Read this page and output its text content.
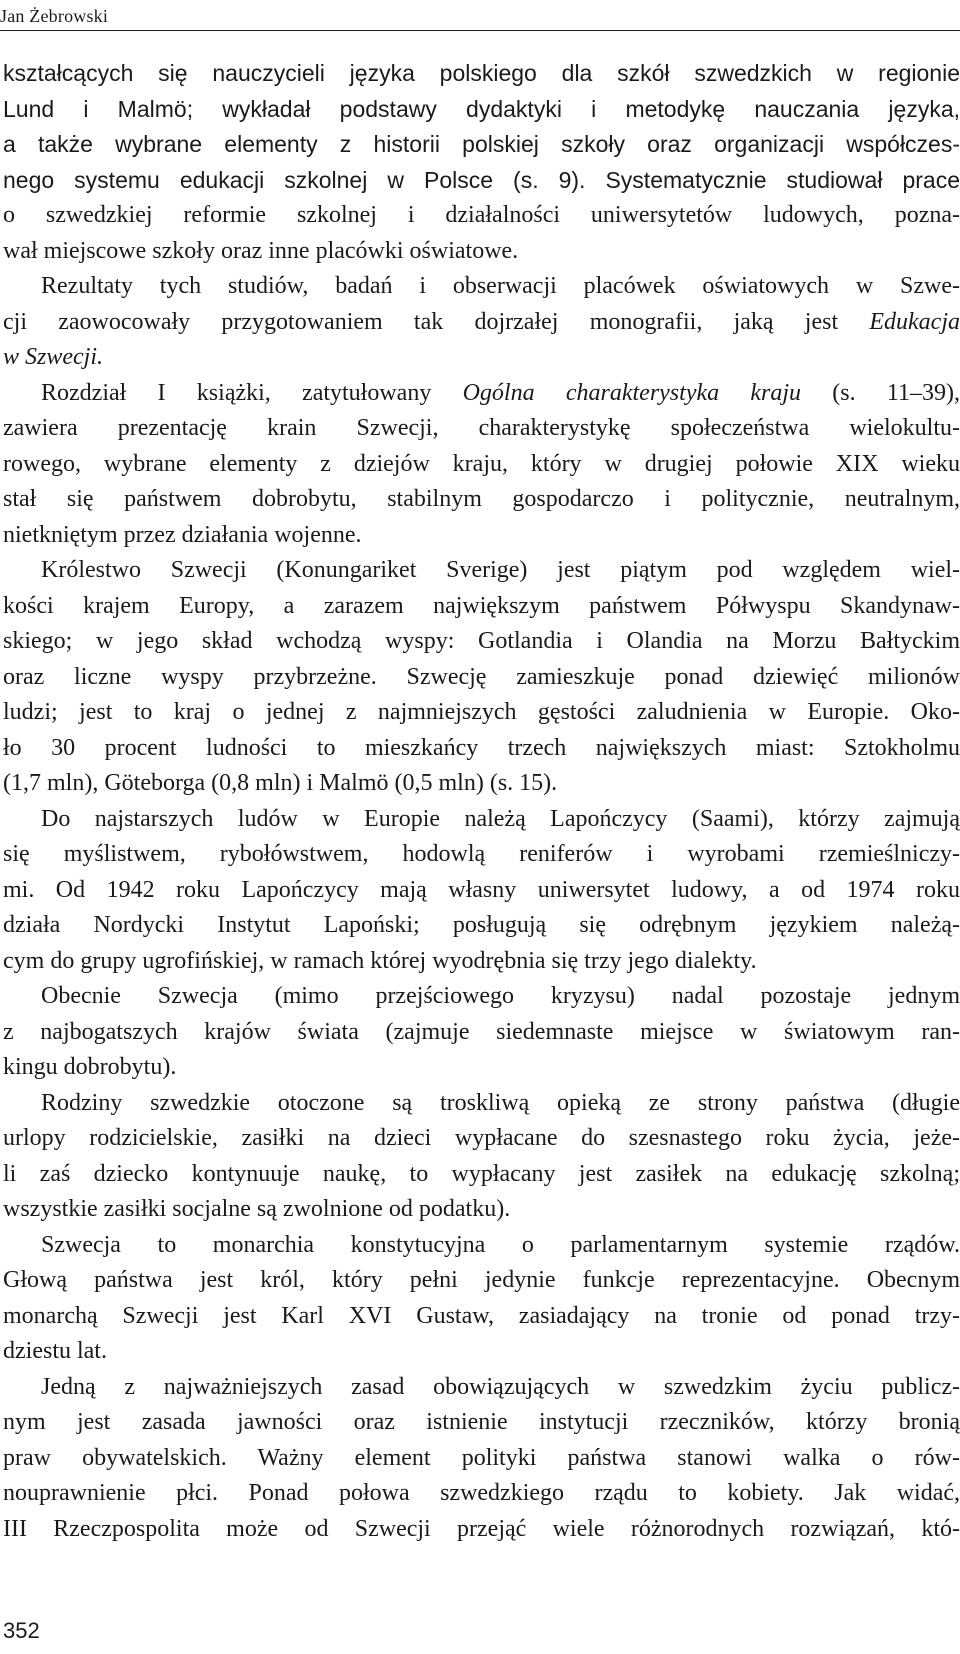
Jan Żebrowski
kształcących się nauczycieli języka polskiego dla szkół szwedzkich w regionie
Lund i Malmö; wykładał podstawy dydaktyki i metodykę nauczania języka,
a także wybrane elementy z historii polskiej szkoły oraz organizacji współczes-
nego systemu edukacji szkolnej w Polsce (s. 9). Systematycznie studiował prace
o szwedzkiej reformie szkolnej i działalności uniwersytetów ludowych, pozna-
wał miejscowe szkoły oraz inne placówki oświatowe.
Rezultaty tych studiów, badań i obserwacji placówek oświatowych w Szwe-
cji zaowocowały przygotowaniem tak dojrzałej monografii, jaką jest Edukacja
w Szwecji.
Rozdział I książki, zatytułowany Ogólna charakterystyka kraju (s. 11–39),
zawiera prezentację krain Szwecji, charakterystykę społeczeństwa wielokultu-
rowego, wybrane elementy z dziejów kraju, który w drugiej połowie XIX wieku
stał się państwem dobrobytu, stabilnym gospodarczo i politycznie, neutralnym,
nietkniętym przez działania wojenne.
Królestwo Szwecji (Konungariket Sverige) jest piątym pod względem wiel-
kości krajem Europy, a zarazem największym państwem Półwyspu Skandynaw-
skiego; w jego skład wchodzą wyspy: Gotlandia i Olandia na Morzu Bałtyckim
oraz liczne wyspy przybrzeżne. Szwecję zamieszkuje ponad dziewięć milionów
ludzi; jest to kraj o jednej z najmniejszych gęstości zaludnienia w Europie. Oko-
ło 30 procent ludności to mieszkańcy trzech największych miast: Sztokholmu
(1,7 mln), Göteborga (0,8 mln) i Malmö (0,5 mln) (s. 15).
Do najstarszych ludów w Europie należą Lapończycy (Saami), którzy zajmują
się myślistwem, rybołówstwem, hodowlą reniferów i wyrobami rzemieślniczy-
mi. Od 1942 roku Lapończycy mają własny uniwersytet ludowy, a od 1974 roku
działa Nordycki Instytut Lapoński; posługują się odrębnym językiem należą-
cym do grupy ugrofińskiej, w ramach której wyodrębnia się trzy jego dialekty.
Obecnie Szwecja (mimo przejściowego kryzysu) nadal pozostaje jednym
z najbogatszych krajów świata (zajmuje siedemnaste miejsce w światowym ran-
kingu dobrobytu).
Rodziny szwedzkie otoczone są troskliwą opieką ze strony państwa (długie
urlopy rodzicielskie, zasiłki na dzieci wypłacane do szesnastego roku życia, jeże-
li zaś dziecko kontynuuje naukę, to wypłacany jest zasiłek na edukację szkolną;
wszystkie zasiłki socjalne są zwolnione od podatku).
Szwecja to monarchia konstytucyjna o parlamentarnym systemie rządów.
Głową państwa jest król, który pełni jedynie funkcje reprezentacyjne. Obecnym
monarchą Szwecji jest Karl XVI Gustaw, zasiadający na tronie od ponad trzy-
dziestu lat.
Jedną z najważniejszych zasad obowiązujących w szwedzkim życiu publicz-
nym jest zasada jawności oraz istnienie instytucji rzeczników, którzy bronią
praw obywatelskich. Ważny element polityki państwa stanowi walka o rów-
nouprawnienie płci. Ponad połowa szwedzkiego rządu to kobiety. Jak widać,
III Rzeczpospolita może od Szwecji przejąć wiele różnorodnych rozwiązań, któ-
352
